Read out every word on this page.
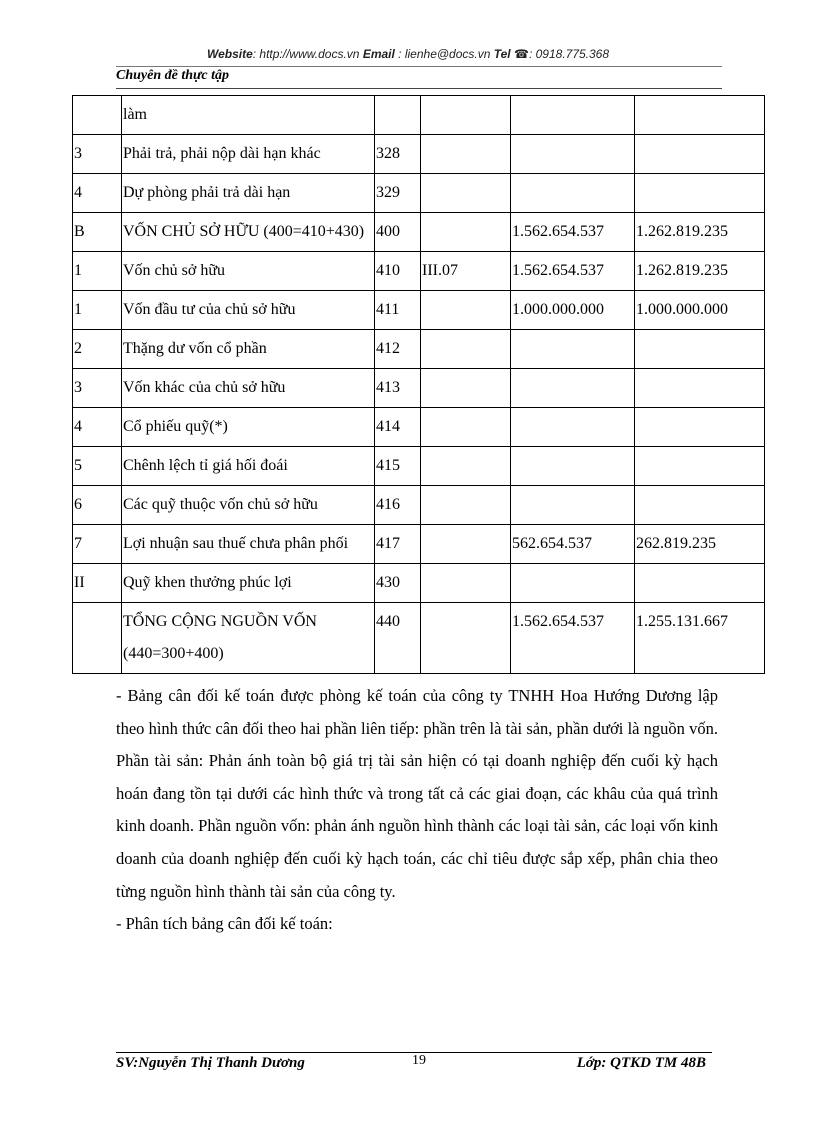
Website: http://www.docs.vn Email : lienhe@docs.vn Tel ☎: 0918.775.368
Chuyên đề thực tập
	làm				
3	Phải trả, phải nộp dài hạn khác	328			
4	Dự phòng phải trả dài hạn	329			
B	VỐN CHỦ SỞ HỮU (400=410+430)	400		1.562.654.537	1.262.819.235
1	Vốn chủ sở hữu	410	III.07	1.562.654.537	1.262.819.235
1	Vốn đầu tư của chủ sở hữu	411		1.000.000.000	1.000.000.000
2	Thặng dư vốn cổ phần	412			
3	Vốn khác của chủ sở hữu	413			
4	Cổ phiếu quỹ(*)	414			
5	Chênh lệch tỉ giá hối đoái	415			
6	Các quỹ thuộc vốn chủ sở hữu	416			
7	Lợi nhuận sau thuế chưa phân phối	417		562.654.537	262.819.235
II	Quỹ khen thưởng phúc lợi	430			
	TỔNG CỘNG NGUỒN VỐN (440=300+400)	440		1.562.654.537	1.255.131.667

- Bảng cân đối kế toán được phòng kế toán của công ty TNHH Hoa Hướng Dương lập theo hình thức cân đối theo hai phần liên tiếp: phần trên là tài sản, phần dưới là nguồn vốn. Phần tài sản: Phản ánh toàn bộ giá trị tài sản hiện có tại doanh nghiệp đến cuối kỳ hạch hoán đang tồn tại dưới các hình thức và trong tất cả các giai đoạn, các khâu của quá trình kinh doanh. Phần nguồn vốn: phản ánh nguồn hình thành các loại tài sản, các loại vốn kinh doanh của doanh nghiệp đến cuối kỳ hạch toán, các chỉ tiêu được sắp xếp, phân chia theo từng nguồn hình thành tài sản của công ty.

- Phân tích bảng cân đối kế toán:

SV:Nguyễn Thị Thanh Dương	19	Lớp: QTKD TM 48B
